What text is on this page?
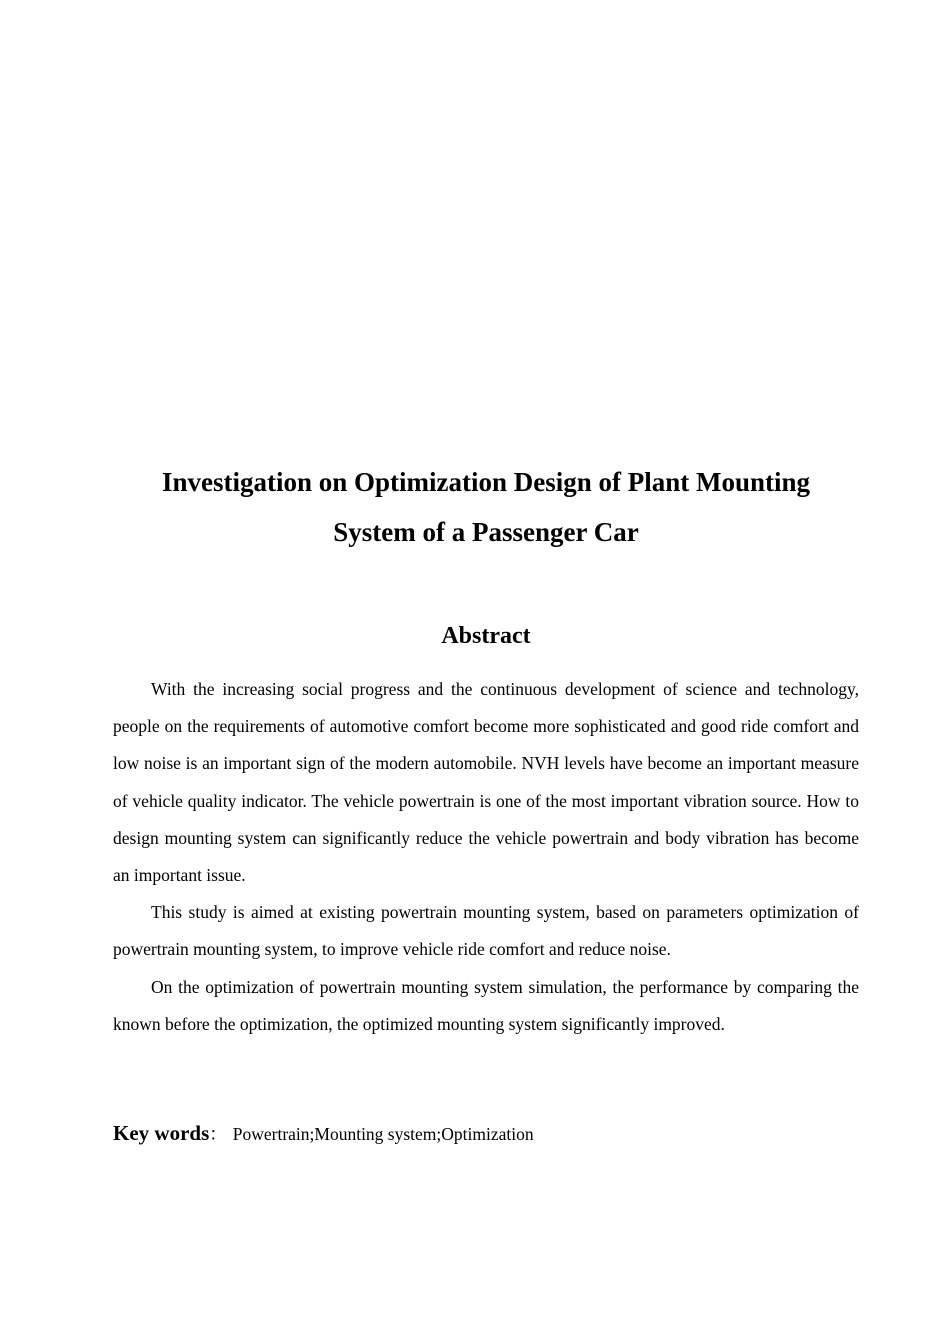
Investigation on Optimization Design of Plant Mounting
System of a Passenger Car
Abstract

With the increasing social progress and the continuous development of science and technology, people on the requirements of automotive comfort become more sophisticated and good ride comfort and low noise is an important sign of the modern automobile. NVH levels have become an important measure of vehicle quality indicator. The vehicle powertrain is one of the most important vibration source. How to design mounting system can significantly reduce the vehicle powertrain and body vibration has become an important issue.

This study is aimed at existing powertrain mounting system, based on parameters optimization of powertrain mounting system, to improve vehicle ride comfort and reduce noise.

On the optimization of powertrain mounting system simulation, the performance by comparing the known before the optimization, the optimized mounting system significantly improved.

Key words： Powertrain;Mounting system;Optimization
